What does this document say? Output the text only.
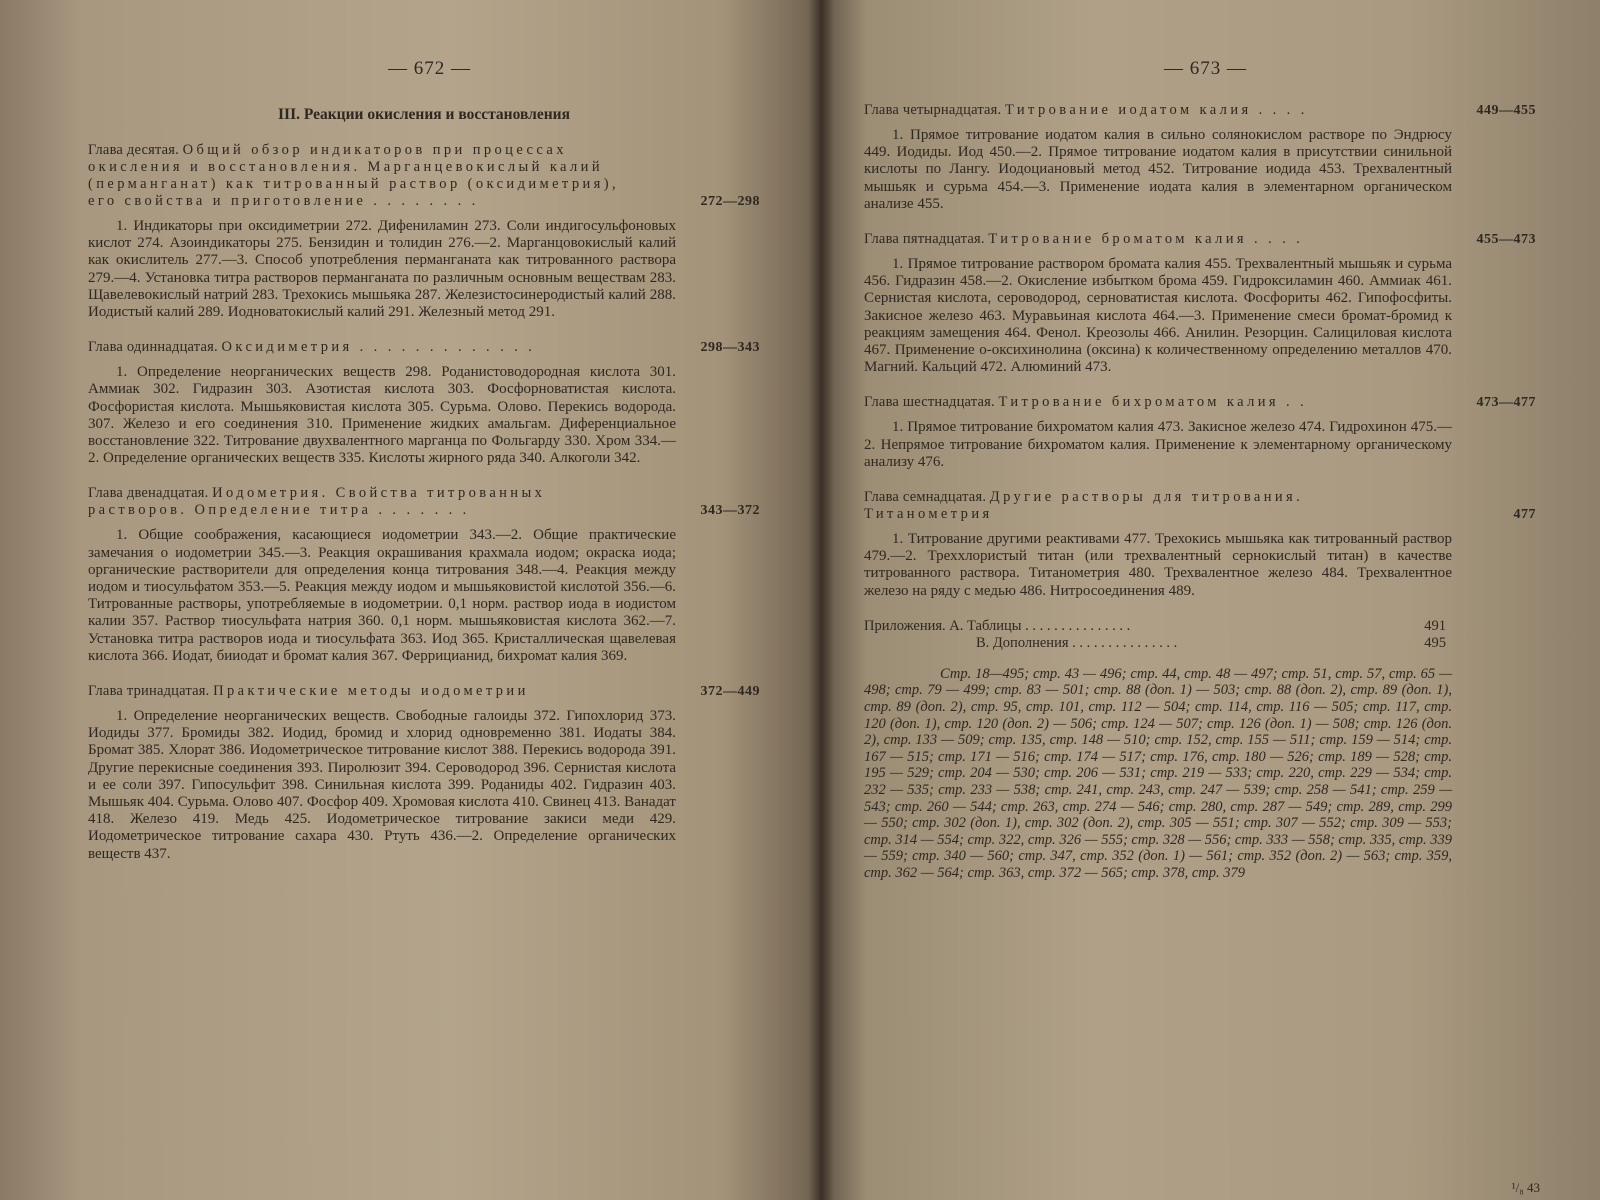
— 672 —
III. Реакции окисления и восстановления
Глава десятая. Общий обзор индикаторов при процессах окисления и восстановления. Марганцевокислый калий (перманганат) как титрованный раствор (оксидиметрия), его свойства и приготовление . . . . . . . .	272—298
1. Индикаторы при оксидиметрии 272. Дифениламин 273. Соли индигосульфоновых кислот 274. Азоиндикаторы 275. Бензидин и толидин 276.—2. Марганцовокислый калий как окислитель 277.—3. Способ употребления перманганата как титрованного раствора 279.—4. Установка титра растворов перманганата по различным основным веществам 283. Щавелевокислый натрий 283. Трехокись мышьяка 287. Железистосинеродистый калий 288. Иодистый калий 289. Иодноватокислый калий 291. Железный метод 291.
Глава одиннадцатая. Оксидиметрия . . . . . . . . . . . . .	298—343
1. Определение неорганических веществ 298. Роданистоводородная кислота 301. Аммиак 302. Гидразин 303. Азотистая кислота 303. Фосфорноватистая кислота. Фосфористая кислота. Мышьяковистая кислота 305. Сурьма. Олово. Перекись водорода. 307. Железо и его соединения 310. Применение жидких амальгам. Диференциальное восстановление 322. Титрование двухвалентного марганца по Фольгарду 330. Хром 334.—2. Определение органических веществ 335. Кислоты жирного ряда 340. Алкоголи 342.
Глава двенадцатая. Иодометрия. Свойства титрованных растворов. Определение титра . . . . . . .	343—372
1. Общие соображения, касающиеся иодометрии 343.—2. Общие практические замечания о иодометрии 345.—3. Реакция окрашивания крахмала иодом; окраска иода; органические растворители для определения конца титрования 348.—4. Реакция между иодом и тиосульфатом 353.—5. Реакция между иодом и мышьяковистой кислотой 356.—6. Титрованные растворы, употребляемые в иодометрии. 0,1 норм. раствор иода в иодистом калии 357. Раствор тиосульфата натрия 360. 0,1 норм. мышьяковистая кислота 362.—7. Установка титра растворов иода и тиосульфата 363. Иод 365. Кристаллическая щавелевая кислота 366. Иодат, бииодат и бромат калия 367. Феррицианид, бихромат калия 369.
Глава тринадцатая. Практические методы иодометрии	372—449
1. Определение неорганических веществ. Свободные галоиды 372. Гипохлорид 373. Иодиды 377. Бромиды 382. Иодид, бромид и хлорид одновременно 381. Иодаты 384. Бромат 385. Хлорат 386. Иодометрическое титрование кислот 388. Перекись водорода 391. Другие перекисные соединения 393. Пиролюзит 394. Сероводород 396. Сернистая кислота и ее соли 397. Гипосульфит 398. Синильная кислота 399. Роданиды 402. Гидразин 403. Мышьяк 404. Сурьма. Олово 407. Фосфор 409. Хромовая кислота 410. Свинец 413. Ванадат 418. Железо 419. Медь 425. Иодометрическое титрование закиси меди 429. Иодометрическое титрование сахара 430. Ртуть 436.—2. Определение органических веществ 437.
— 673 —
Глава четырнадцатая. Титрование иодатом калия . . . .	449—455
1. Прямое титрование иодатом калия в сильно солянокислом растворе по Эндрюсу 449. Иодиды. Иод 450.—2. Прямое титрование иодатом калия в присутствии синильной кислоты по Лангу. Иодоциановый метод 452. Титрование иодида 453. Трехвалентный мышьяк и сурьма 454.—3. Применение иодата калия в элементарном органическом анализе 455.
Глава пятнадцатая. Титрование броматом калия . . . .	455—473
1. Прямое титрование раствором бромата калия 455. Трехвалентный мышьяк и сурьма 456. Гидразин 458.—2. Окисление избытком брома 459. Гидроксиламин 460. Аммиак 461. Сернистая кислота, сероводород, серноватистая кислота. Фосфориты 462. Гипофосфиты. Закисное железо 463. Муравьиная кислота 464.—3. Применение смеси бромат-бромид к реакциям замещения 464. Фенол. Креозолы 466. Анилин. Резорцин. Салициловая кислота 467. Применение о-оксихинолина (оксина) к количественному определению металлов 470. Магний. Кальций 472. Алюминий 473.
Глава шестнадцатая. Титрование бихроматом калия . .	473—477
1. Прямое титрование бихроматом калия 473. Закисное железо 474. Гидрохинон 475.—2. Непрямое титрование бихроматом калия. Применение к элементарному органическому анализу 476.
Глава семнадцатая. Другие растворы для титрования. Титанометрия	477
1. Титрование другими реактивами 477. Трехокись мышьяка как титрованный раствор 479.—2. Треххлористый титан (или трехвалентный сернокислый титан) в качестве титрованного раствора. Титанометрия 480. Трехвалентное железо 484. Трехвалентное железо на ряду с медью 486. Нитросоединения 489.
Приложения. А. Таблицы . . . . . . . . . . . . . . .	491
В. Дополнения . . . . . . . . . . . . . . .	495
Стр. 18—495; стр. 43 — 496; стр. 44, стр. 48 — 497; стр. 51, стр. 57, стр. 65 — 498; стр. 79 — 499; стр. 83 — 501; стр. 88 (доп. 1) — 503; стр. 88 (доп. 2), стр. 89 (доп. 1), стр. 89 (доп. 2), стр. 95, стр. 101, стр. 112 — 504; стр. 114, стр. 116 — 505; стр. 117, стр. 120 (доп. 1), стр. 120 (доп. 2) — 506; стр. 124 — 507; стр. 126 (доп. 1) — 508; стр. 126 (доп. 2), стр. 133 — 509; стр. 135, стр. 148 — 510; стр. 152, стр. 155 — 511; стр. 159 — 514; стр. 167 — 515; стр. 171 — 516; стр. 174 — 517; стр. 176, стр. 180 — 526; стр. 189 — 528; стр. 195 — 529; стр. 204 — 530; стр. 206 — 531; стр. 219 — 533; стр. 220, стр. 229 — 534; стр. 232 — 535; стр. 233 — 538; стр. 241, стр. 243, стр. 247 — 539; стр. 258 — 541; стр. 259 — 543; стр. 260 — 544; стр. 263, стр. 274 — 546; стр. 280, стр. 287 — 549; стр. 289, стр. 299 — 550; стр. 302 (доп. 1), стр. 302 (доп. 2), стр. 305 — 551; стр. 307 — 552; стр. 309 — 553; стр. 314 — 554; стр. 322, стр. 326 — 555; стр. 328 — 556; стр. 333 — 558; стр. 335, стр. 339 — 559; стр. 340 — 560; стр. 347, стр. 352 (доп. 1) — 561; стр. 352 (доп. 2) — 563; стр. 359, стр. 362 — 564; стр. 363, стр. 372 — 565; стр. 378, стр. 379
¹/₈ 43
